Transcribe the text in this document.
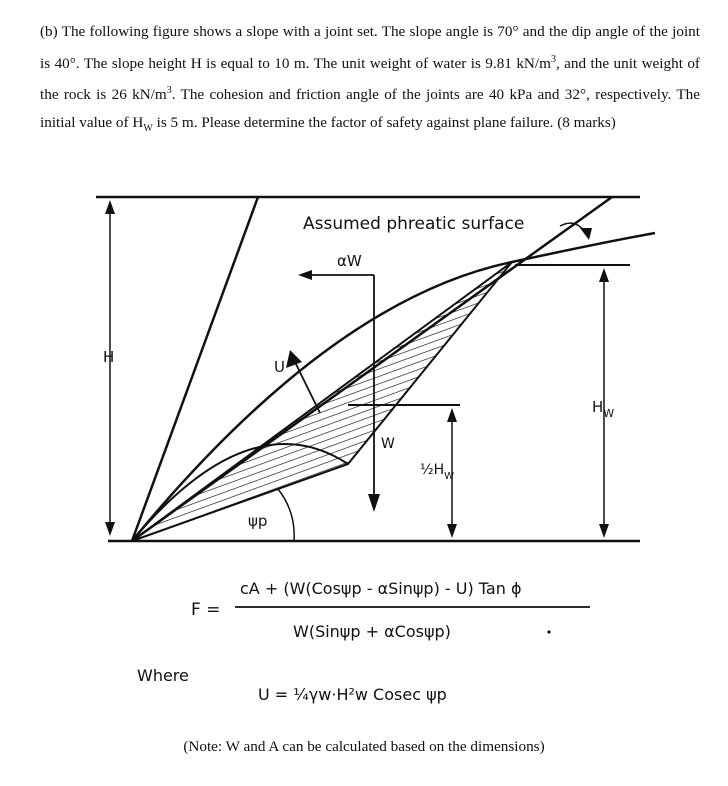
(b) The following figure shows a slope with a joint set. The slope angle is 70° and the dip angle of the joint is 40°. The slope height H is equal to 10 m. The unit weight of water is 9.81 $kN/m^3$, and the unit weight of the rock is 26 $kN/m^3$. The cohesion and friction angle of the joints are 40 kPa and 32°, respectively. The initial value of $H_W$ is 5 m. Please determine the factor of safety against plane failure. (8 marks)

H
$H_W$
$\frac{1}{2}H_W$
U
W
αW
Assumed phreatic surface
ψp
F =
cA + (W(Cosψp - αSinψp) - U) Tan ϕ
W(Sinψp + αCosψp)
U = ¼γw·H²w Cosec ψp
Where
(Note: W and A can be calculated based on the dimensions)
